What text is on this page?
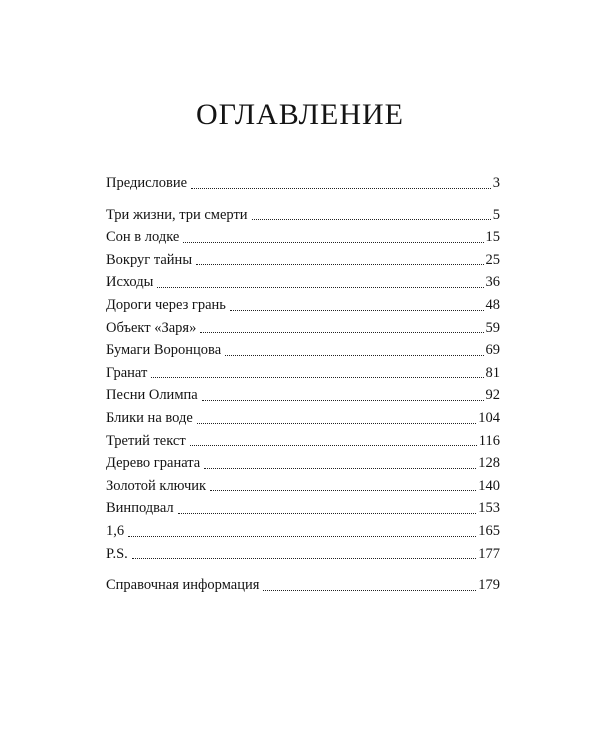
ОГЛАВЛЕНИЕ
Предисловие	3
Три жизни, три смерти	5
Сон в лодке	15
Вокруг тайны	25
Исходы	36
Дороги через грань	48
Объект «Заря»	59
Бумаги Воронцова	69
Гранат	81
Песни Олимпа	92
Блики на воде	104
Третий текст	116
Дерево граната	128
Золотой ключик	140
Винподвал	153
1,6	165
P.S.	177
Справочная информация	179
